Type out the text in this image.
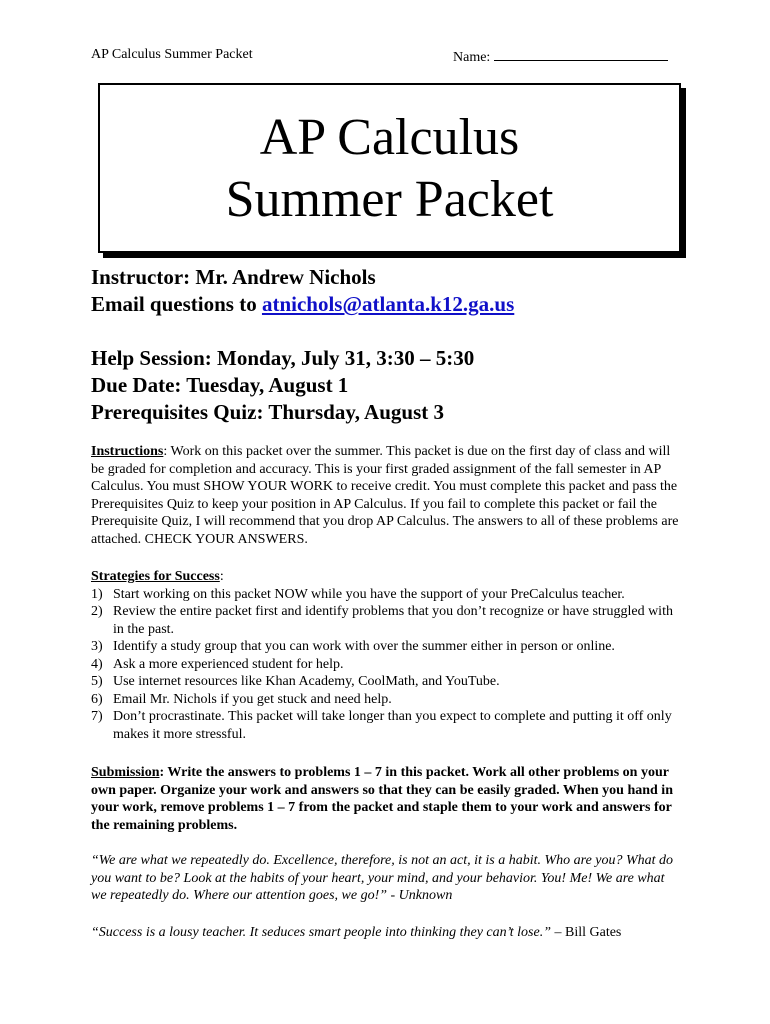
AP Calculus Summer Packet	Name:
AP Calculus
Summer Packet
Instructor: Mr. Andrew Nichols
Email questions to atnichols@atlanta.k12.ga.us
Help Session: Monday, July 31, 3:30 – 5:30
Due Date: Tuesday, August 1
Prerequisites Quiz: Thursday, August 3

Instructions: Work on this packet over the summer. This packet is due on the first day of class and will be graded for completion and accuracy. This is your first graded assignment of the fall semester in AP Calculus. You must SHOW YOUR WORK to receive credit. You must complete this packet and pass the Prerequisites Quiz to keep your position in AP Calculus. If you fail to complete this packet or fail the Prerequisite Quiz, I will recommend that you drop AP Calculus. The answers to all of these problems are attached. CHECK YOUR ANSWERS.

Strategies for Success:

1) Start working on this packet NOW while you have the support of your PreCalculus teacher.
2) Review the entire packet first and identify problems that you don’t recognize or have struggled with in the past.
3) Identify a study group that you can work with over the summer either in person or online.
4) Ask a more experienced student for help.
5) Use internet resources like Khan Academy, CoolMath, and YouTube.
6) Email Mr. Nichols if you get stuck and need help.
7) Don’t procrastinate. This packet will take longer than you expect to complete and putting it off only makes it more stressful.

Submission: Write the answers to problems 1 – 7 in this packet. Work all other problems on your own paper. Organize your work and answers so that they can be easily graded. When you hand in your work, remove problems 1 – 7 from the packet and staple them to your work and answers for the remaining problems.

“We are what we repeatedly do. Excellence, therefore, is not an act, it is a habit. Who are you? What do you want to be? Look at the habits of your heart, your mind, and your behavior. You! Me! We are what we repeatedly do. Where our attention goes, we go!” - Unknown
“Success is a lousy teacher. It seduces smart people into thinking they can’t lose.” – Bill Gates
